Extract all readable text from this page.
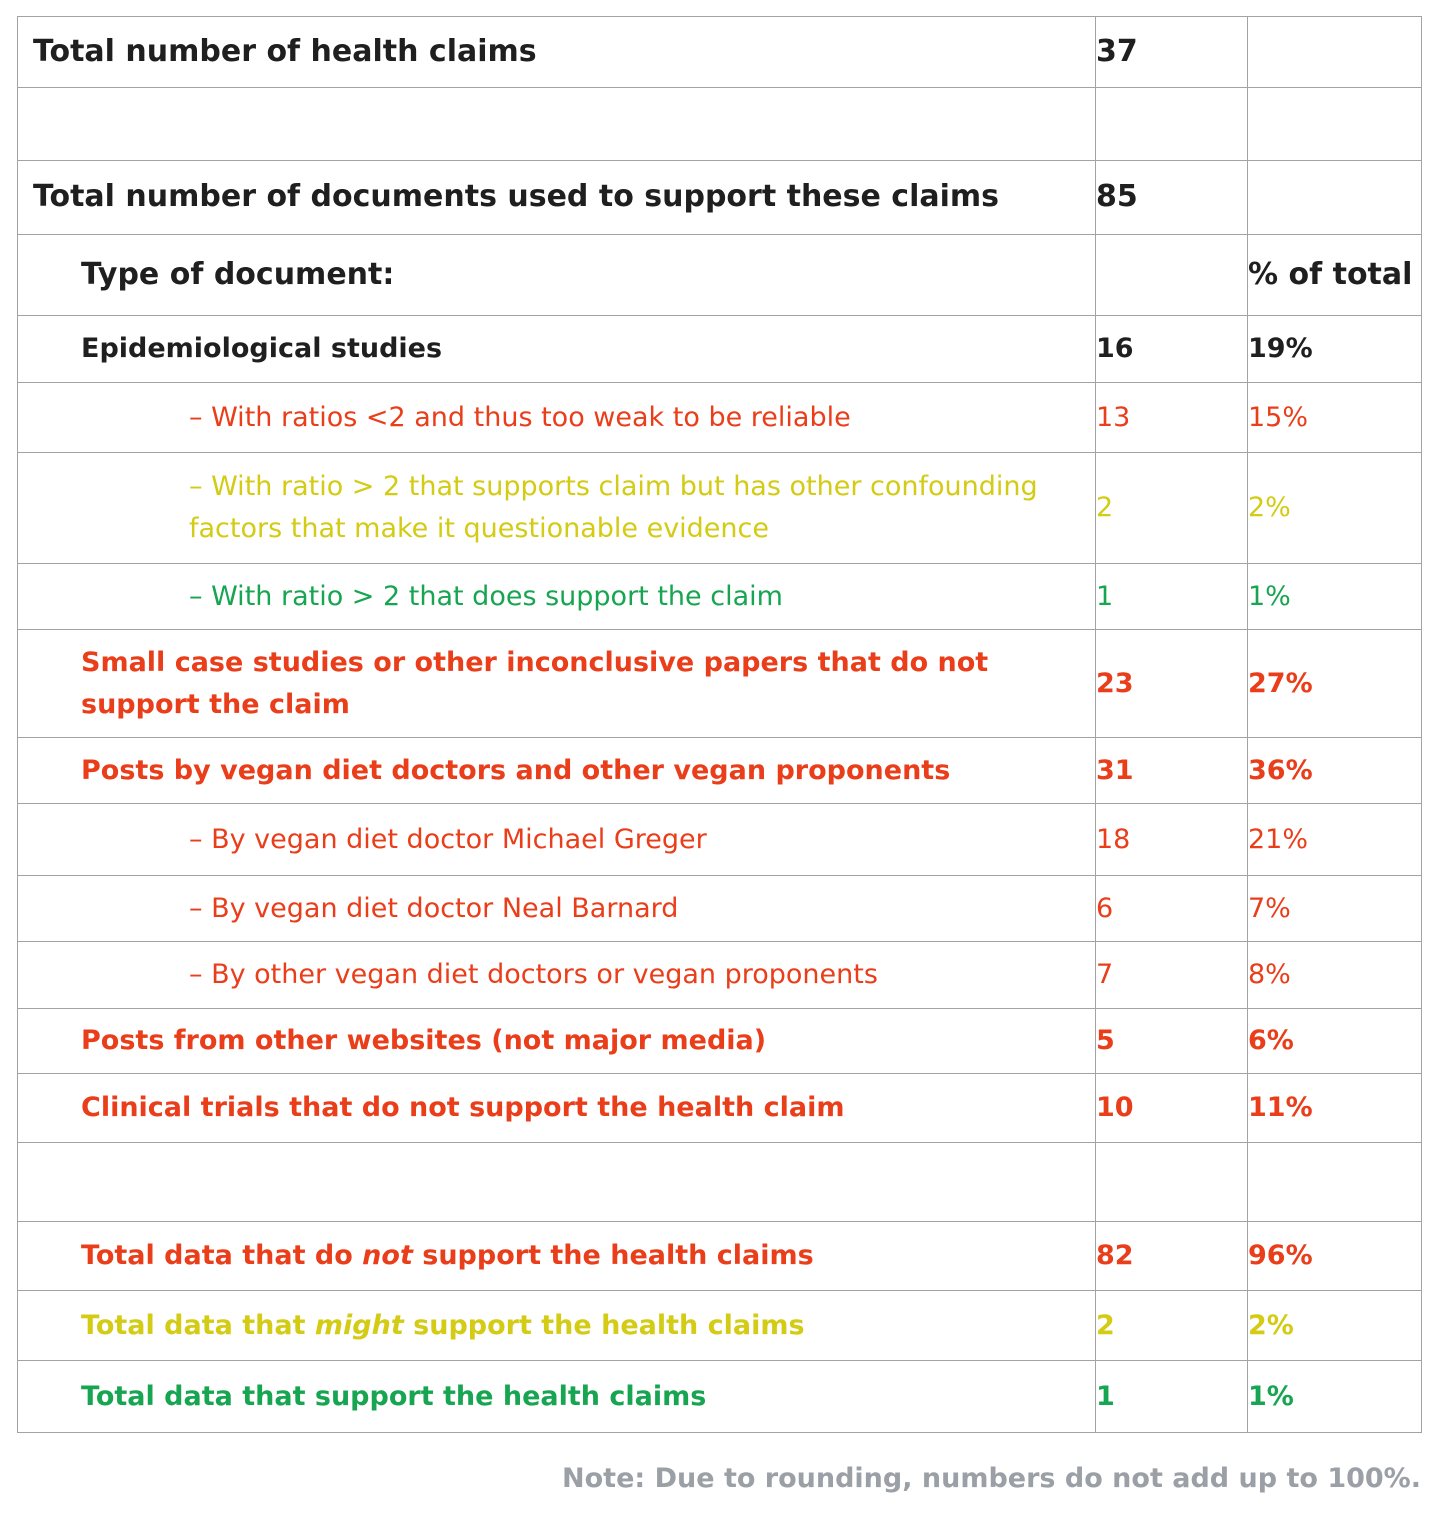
Total number of health claims	37	

Total number of documents used to support these claims	85	
Type of document:		% of total
Epidemiological studies	16	19%
– With ratios <2 and thus too weak to be reliable	13	15%
– With ratio > 2 that supports claim but has other confounding factors that make it questionable evidence	2	2%
– With ratio > 2 that does support the claim	1	1%
Small case studies or other inconclusive papers that do not support the claim	23	27%
Posts by vegan diet doctors and other vegan proponents	31	36%
– By vegan diet doctor Michael Greger	18	21%
– By vegan diet doctor Neal Barnard	6	7%
– By other vegan diet doctors or vegan proponents	7	8%
Posts from other websites (not major media)	5	6%
Clinical trials that do not support the health claim	10	11%

Total data that do not support the health claims	82	96%
Total data that might support the health claims	2	2%
Total data that support the health claims	1	1%
Note: Due to rounding, numbers do not add up to 100%.
